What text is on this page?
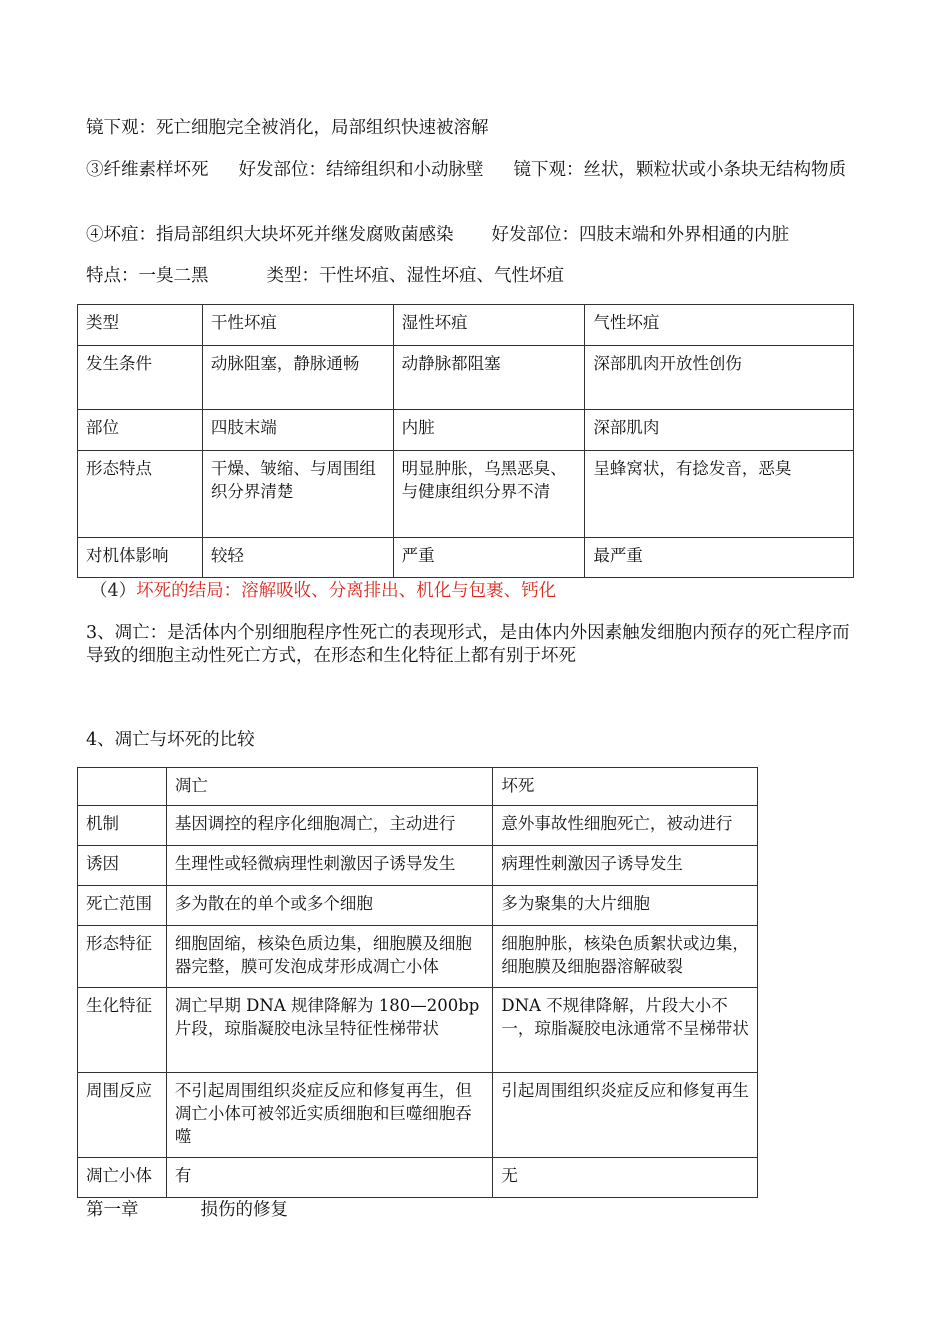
镜下观：死亡细胞完全被消化，局部组织快速被溶解
③纤维素样坏死 好发部位：结缔组织和小动脉壁 镜下观：丝状，颗粒状或小条块无结构物质
④坏疽：指局部组织大块坏死并继发腐败菌感染 好发部位：四肢末端和外界相通的内脏
特点：一臭二黑	类型：干性坏疽、湿性坏疽、气性坏疽
类型	干性坏疽	湿性坏疽	气性坏疽
发生条件	动脉阻塞，静脉通畅	动静脉都阻塞	深部肌肉开放性创伤
部位	四肢末端	内脏	深部肌肉
形态特点	干燥、皱缩、与周围组织分界清楚	明显肿胀，乌黑恶臭、与健康组织分界不清	呈蜂窝状，有捻发音，恶臭
对机体影响	较轻	严重	最严重
（4）坏死的结局：溶解吸收、分离排出、机化与包裹、钙化
3、凋亡：是活体内个别细胞程序性死亡的表现形式，是由体内外因素触发细胞内预存的死亡程序而导致的细胞主动性死亡方式，在形态和生化特征上都有别于坏死
4、凋亡与坏死的比较
	凋亡	坏死
机制	基因调控的程序化细胞凋亡，主动进行	意外事故性细胞死亡，被动进行
诱因	生理性或轻微病理性刺激因子诱导发生	病理性刺激因子诱导发生
死亡范围	多为散在的单个或多个细胞	多为聚集的大片细胞
形态特征	细胞固缩，核染色质边集，细胞膜及细胞器完整，膜可发泡成芽形成凋亡小体	细胞肿胀，核染色质絮状或边集，细胞膜及细胞器溶解破裂
生化特征	凋亡早期 DNA 规律降解为 180—200bp 片段，琼脂凝胶电泳呈特征性梯带状	DNA 不规律降解，片段大小不一，琼脂凝胶电泳通常不呈梯带状
周围反应	不引起周围组织炎症反应和修复再生，但凋亡小体可被邻近实质细胞和巨噬细胞吞噬	引起周围组织炎症反应和修复再生
凋亡小体	有	无
第一章	损伤的修复
